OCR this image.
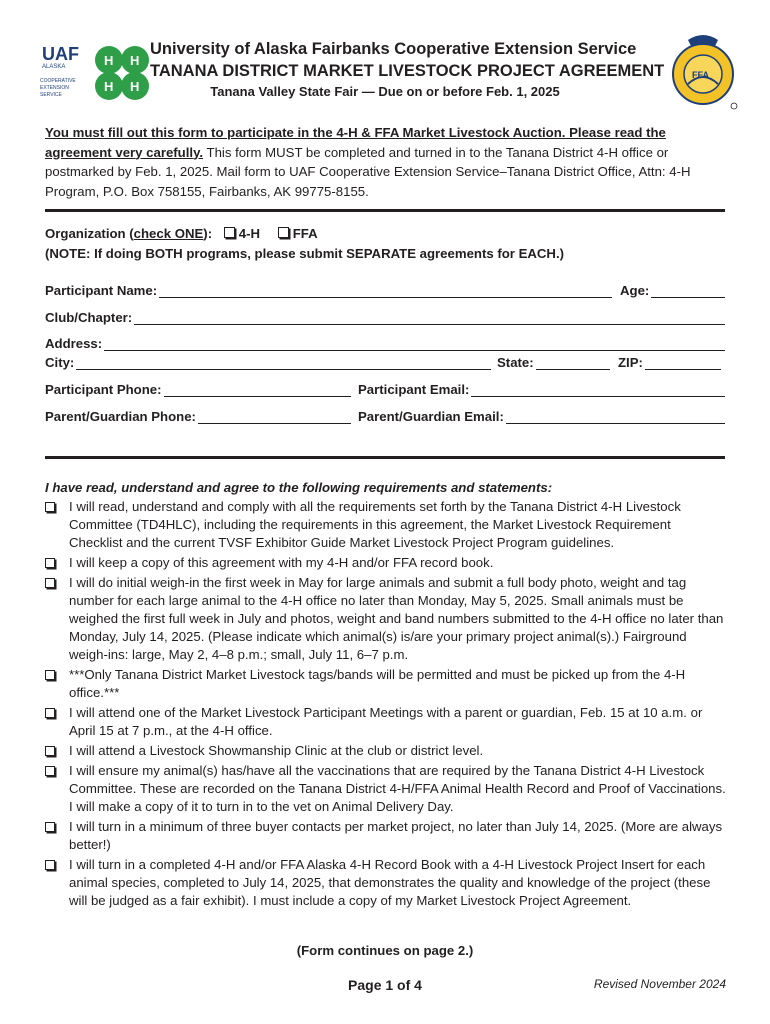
UAF
ALASKA
COOPERATIVE
EXTENSION
SERVICE
H H
H H
FFA
University of Alaska Fairbanks Cooperative Extension Service
TANANA DISTRICT MARKET LIVESTOCK PROJECT AGREEMENT
Tanana Valley State Fair — Due on or before Feb. 1, 2025
You must fill out this form to participate in the 4-H & FFA Market Livestock Auction. Please read the agreement very carefully. This form MUST be completed and turned in to the Tanana District 4-H office or postmarked by Feb. 1, 2025. Mail form to UAF Cooperative Extension Service–Tanana District Office, Attn: 4-H Program, P.O. Box 758155, Fairbanks, AK 99775-8155.
Organization (check ONE): 4-H FFA
(NOTE: If doing BOTH programs, please submit SEPARATE agreements for EACH.)
Participant Name:	Age:
Club/Chapter:
Address:
City:	State:	ZIP:
Participant Phone:	Participant Email:
Parent/Guardian Phone:	Parent/Guardian Email:
I have read, understand and agree to the following requirements and statements:
I will read, understand and comply with all the requirements set forth by the Tanana District 4-H Livestock Committee (TD4HLC), including the requirements in this agreement, the Market Livestock Requirement Checklist and the current TVSF Exhibitor Guide Market Livestock Project Program guidelines.
I will keep a copy of this agreement with my 4-H and/or FFA record book.
I will do initial weigh-in the first week in May for large animals and submit a full body photo, weight and tag number for each large animal to the 4-H office no later than Monday, May 5, 2025. Small animals must be weighed the first full week in July and photos, weight and band numbers submitted to the 4-H office no later than Monday, July 14, 2025. (Please indicate which animal(s) is/are your primary project animal(s).) Fairground weigh-ins: large, May 2, 4–8 p.m.; small, July 11, 6–7 p.m.
***Only Tanana District Market Livestock tags/bands will be permitted and must be picked up from the 4-H office.***
I will attend one of the Market Livestock Participant Meetings with a parent or guardian, Feb. 15 at 10 a.m. or April 15 at 7 p.m., at the 4-H office.
I will attend a Livestock Showmanship Clinic at the club or district level.
I will ensure my animal(s) has/have all the vaccinations that are required by the Tanana District 4-H Livestock Committee. These are recorded on the Tanana District 4-H/FFA Animal Health Record and Proof of Vaccinations. I will make a copy of it to turn in to the vet on Animal Delivery Day.
I will turn in a minimum of three buyer contacts per market project, no later than July 14, 2025. (More are always better!)
I will turn in a completed 4-H and/or FFA Alaska 4-H Record Book with a 4-H Livestock Project Insert for each animal species, completed to July 14, 2025, that demonstrates the quality and knowledge of the project (these will be judged as a fair exhibit). I must include a copy of my Market Livestock Project Agreement.
(Form continues on page 2.)
Page 1 of 4	Revised November 2024
